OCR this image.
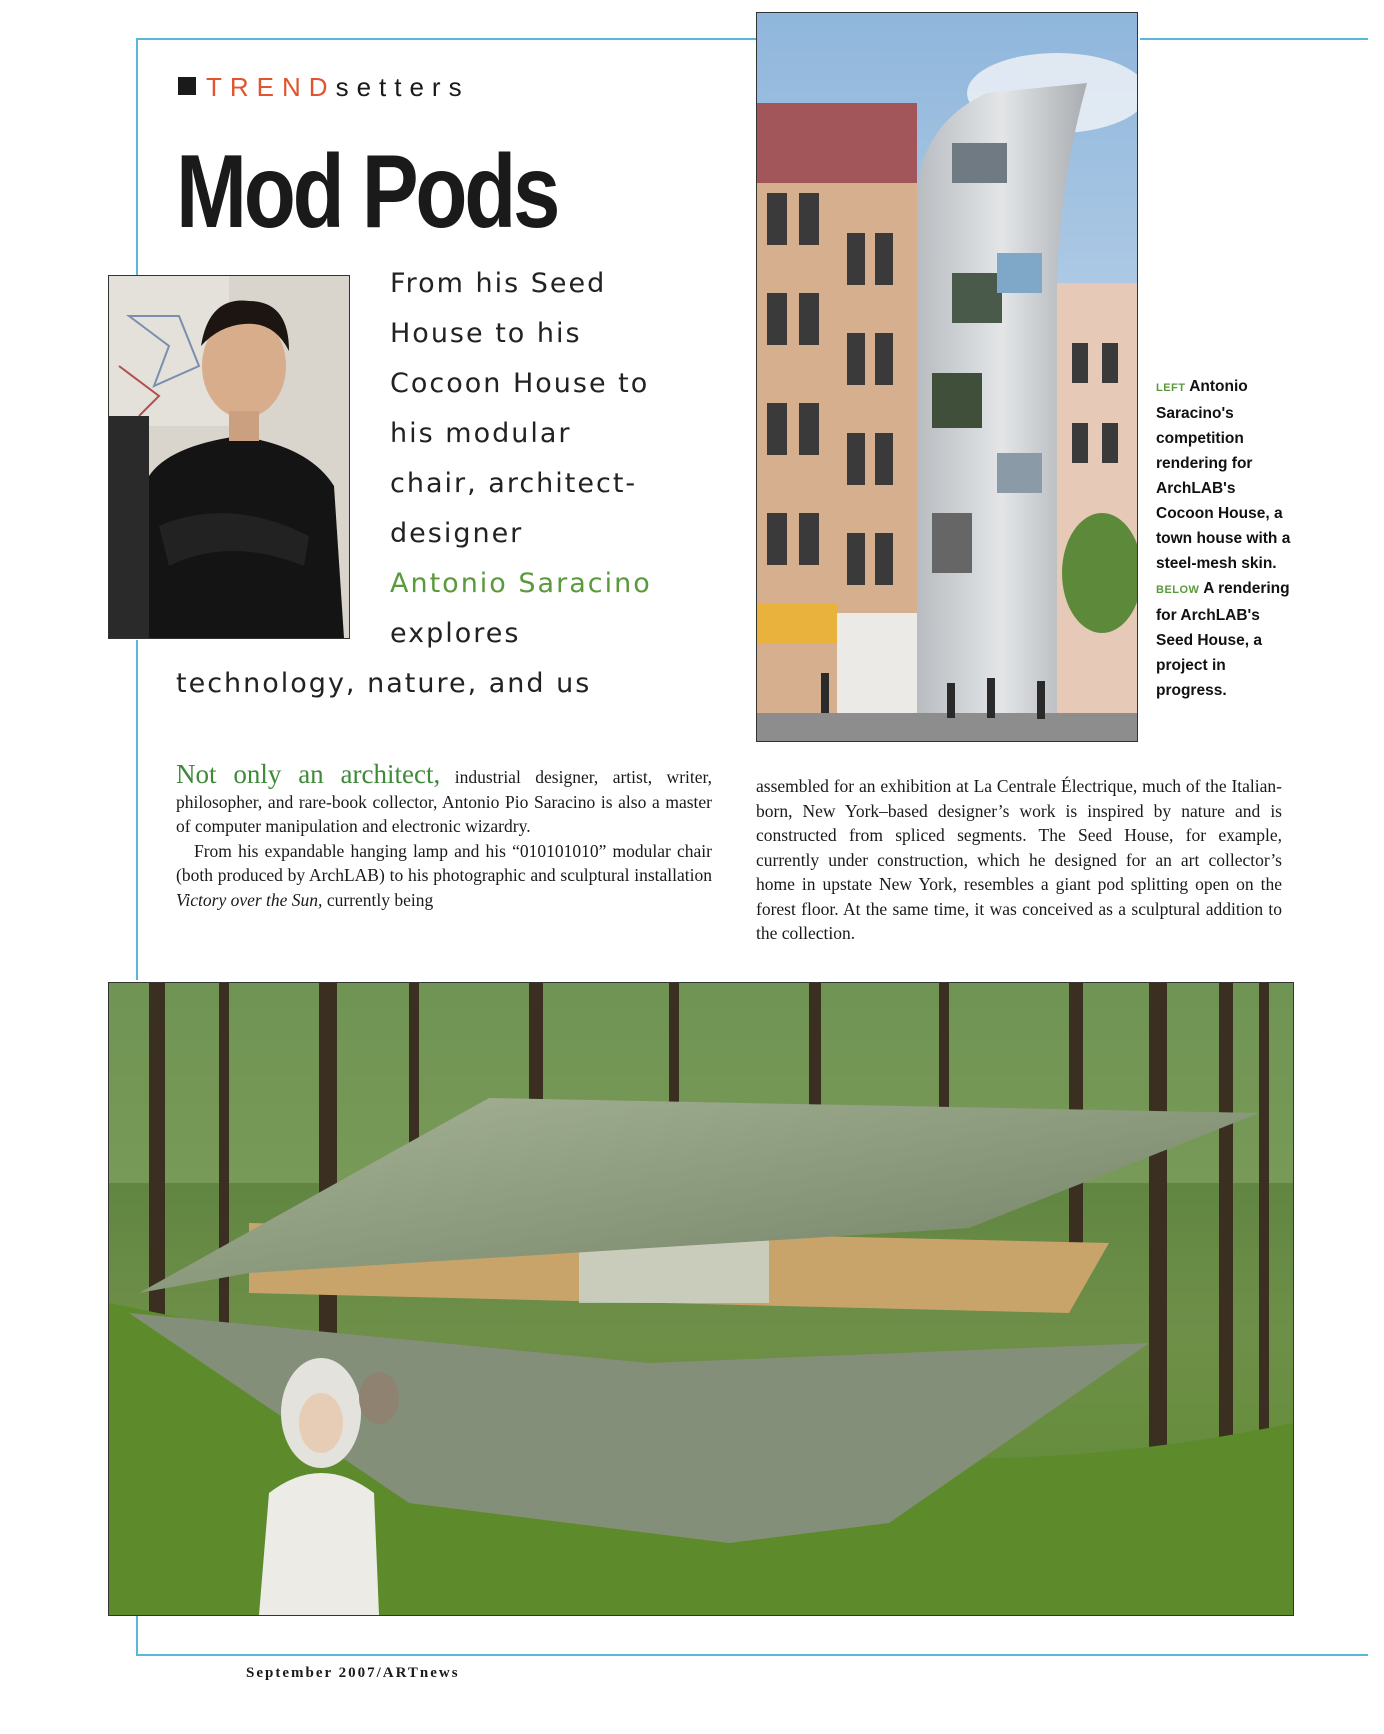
TRENDsetters
Mod Pods
From his Seed
House to his
Cocoon House to
his modular
chair, architect-
designer
Antonio Saracino
explores
technology, nature, and us
LEFT Antonio Saracino's competition rendering for ArchLAB's Cocoon House, a town house with a steel-mesh skin.
BELOW A rendering for ArchLAB's Seed House, a project in progress.
Not only an architect, industrial designer, artist, writer, philosopher, and rare-book collector, Antonio Pio Saracino is also a master of computer manipulation and electronic wizardry.
From his expandable hanging lamp and his “010101010” modular chair (both produced by ArchLAB) to his photographic and sculptural installation Victory over the Sun, currently being
assembled for an exhibition at La Centrale Électrique, much of the Italian-born, New York–based designer’s work is inspired by nature and is constructed from spliced segments. The Seed House, for example, currently under construction, which he designed for an art collector’s home in upstate New York, resembles a giant pod splitting open on the forest floor. At the same time, it was conceived as a sculptural addition to the collection.
September 2007/ARTnews
